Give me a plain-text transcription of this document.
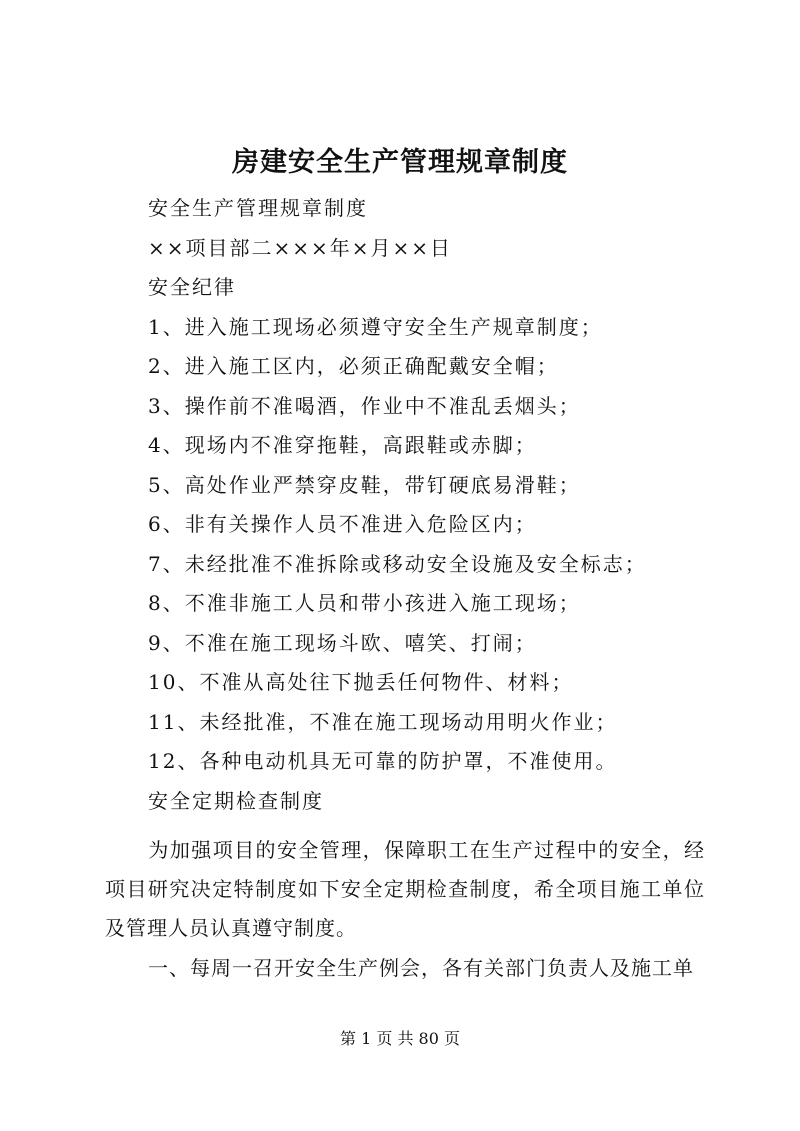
房建安全生产管理规章制度

安全生产管理规章制度

××项目部二×××年×月××日

安全纪律

1、进入施工现场必须遵守安全生产规章制度；

2、进入施工区内，必须正确配戴安全帽；

3、操作前不准喝酒，作业中不准乱丢烟头；

4、现场内不准穿拖鞋，高跟鞋或赤脚；

5、高处作业严禁穿皮鞋，带钉硬底易滑鞋；

6、非有关操作人员不准进入危险区内；

7、未经批准不准拆除或移动安全设施及安全标志；

8、不准非施工人员和带小孩进入施工现场；

9、不准在施工现场斗欧、嘻笑、打闹；

10、不准从高处往下抛丢任何物件、材料；

11、未经批准，不准在施工现场动用明火作业；

12、各种电动机具无可靠的防护罩，不准使用。

安全定期检查制度

为加强项目的安全管理，保障职工在生产过程中的安全，经项目研究决定特制度如下安全定期检查制度，希全项目施工单位及管理人员认真遵守制度。

一、每周一召开安全生产例会，各有关部门负责人及施工单

第 1 页 共 80 页
